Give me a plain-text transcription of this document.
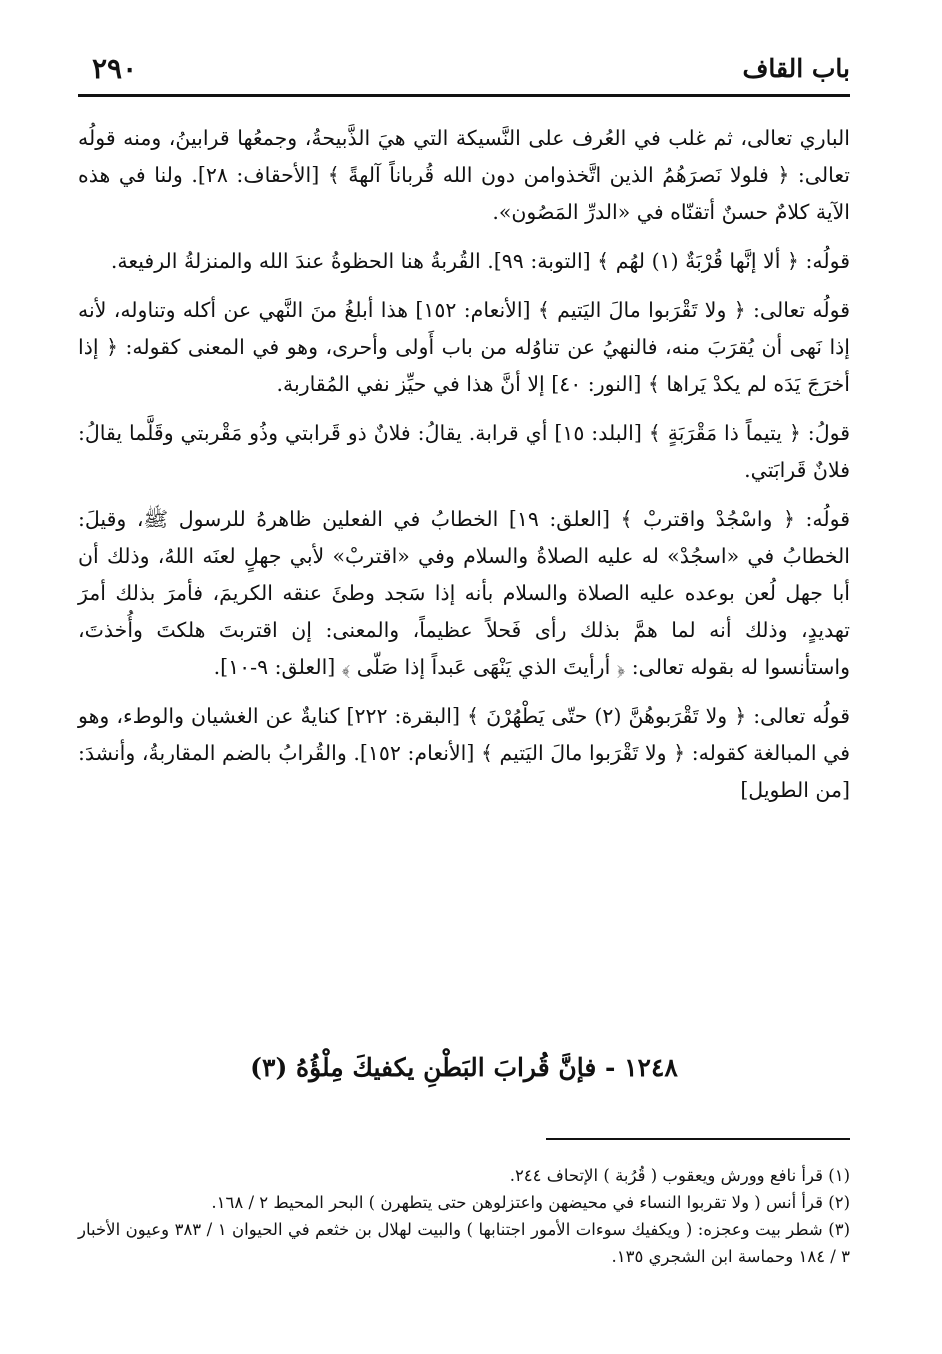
باب القاف
٢٩٠

الباري تعالى، ثم غلب في العُرف على النَّسيكة التي هيَ الذَّبيحةُ، وجمعُها قرابينُ، ومنه قولُه تعالى: ﴿ فلولا نَصرَهُمُ الذين اتَّخذوامن دون الله قُرباناً آلهةً ﴾ [الأحقاف: ٢٨]. ولنا في هذه الآية كلامٌ حسنٌ أتقنّاه في «الدرِّ المَصُون».

قولُه: ﴿ ألا إنَّها قُرْبَةٌ (١) لهُم ﴾ [التوبة: ٩٩]. القُربةُ هنا الحظوةُ عندَ الله والمنزلةُ الرفيعة.

قولُه تعالى: ﴿ ولا تَقْرَبوا مالَ اليَتيم ﴾ [الأنعام: ١٥٢] هذا أبلغُ منَ النَّهي عن أكله وتناوله، لأنه إذا نَهى أن يُقرَبَ منه، فالنهيُ عن تناوُله من باب أَولى وأحرى، وهو في المعنى كقوله: ﴿ إذا أخرَجَ يَدَه لم يكدْ يَراها ﴾ [النور: ٤٠] إلا أنَّ هذا في حيِّز نفي المُقاربة.

قولُ: ﴿ يتيماً ذا مَقْرَبَةٍ ﴾ [البلد: ١٥] أي قرابة. يقالُ: فلانٌ ذو قَرابتي وذُو مَقْربتي وقَلَّما يقالُ: فلانٌ قَرابَتي.

قولُه: ﴿ واسْجُدْ واقتربْ ﴾ [العلق: ١٩] الخطابُ في الفعلين ظاهرهُ للرسول ﷺ، وقيلَ: الخطابُ في «اسجُدْ» له عليه الصلاةُ والسلام وفي «اقتربْ» لأبي جهلٍ لعنَه اللهُ، وذلك أن أبا جهل لُعن بوعده عليه الصلاة والسلام بأنه إذا سَجد وطئَ عنقه الكريمَ، فأمرَ بذلك أمرَ تهديدٍ، وذلك أنه لما همَّ بذلك رأى فَحلاً عظيماً، والمعنى: إن اقتربتَ هلكتَ وأُخذتَ، واستأنسوا له بقوله تعالى: ﴿ أرأيتَ الذي يَنْهَى عَبداً إذا صَلّى ﴾ [العلق: ٩-١٠].

قولُه تعالى: ﴿ ولا تَقْرَبوهُنَّ (٢) حتّى يَطْهُرْنَ ﴾ [البقرة: ٢٢٢] كنايةٌ عن الغشيان والوطء، وهو في المبالغة كقوله: ﴿ ولا تَقْرَبوا مالَ اليَتيم ﴾ [الأنعام: ١٥٢]. والقُرابُ بالضم المقاربةُ، وأنشدَ: [من الطويل]

١٢٤٨ - فإنَّ قُرابَ البَطْنِ يكفيكَ مِلْؤُهُ (٣)

(١) قرأ نافع وورش ويعقوب ( قُرُبة ) الإتحاف ٢٤٤.

(٢) قرأ أنس ( ولا تقربوا النساء في محيضهن واعتزلوهن حتى يتطهرن ) البحر المحيط ٢ / ١٦٨.

(٣) شطر بيت وعجزه: ( ويكفيك سوءات الأمور اجتنابها ) والبيت لهلال بن خثعم في الحيوان ١ / ٣٨٣ وعيون الأخبار ٣ / ١٨٤ وحماسة ابن الشجري ١٣٥.
